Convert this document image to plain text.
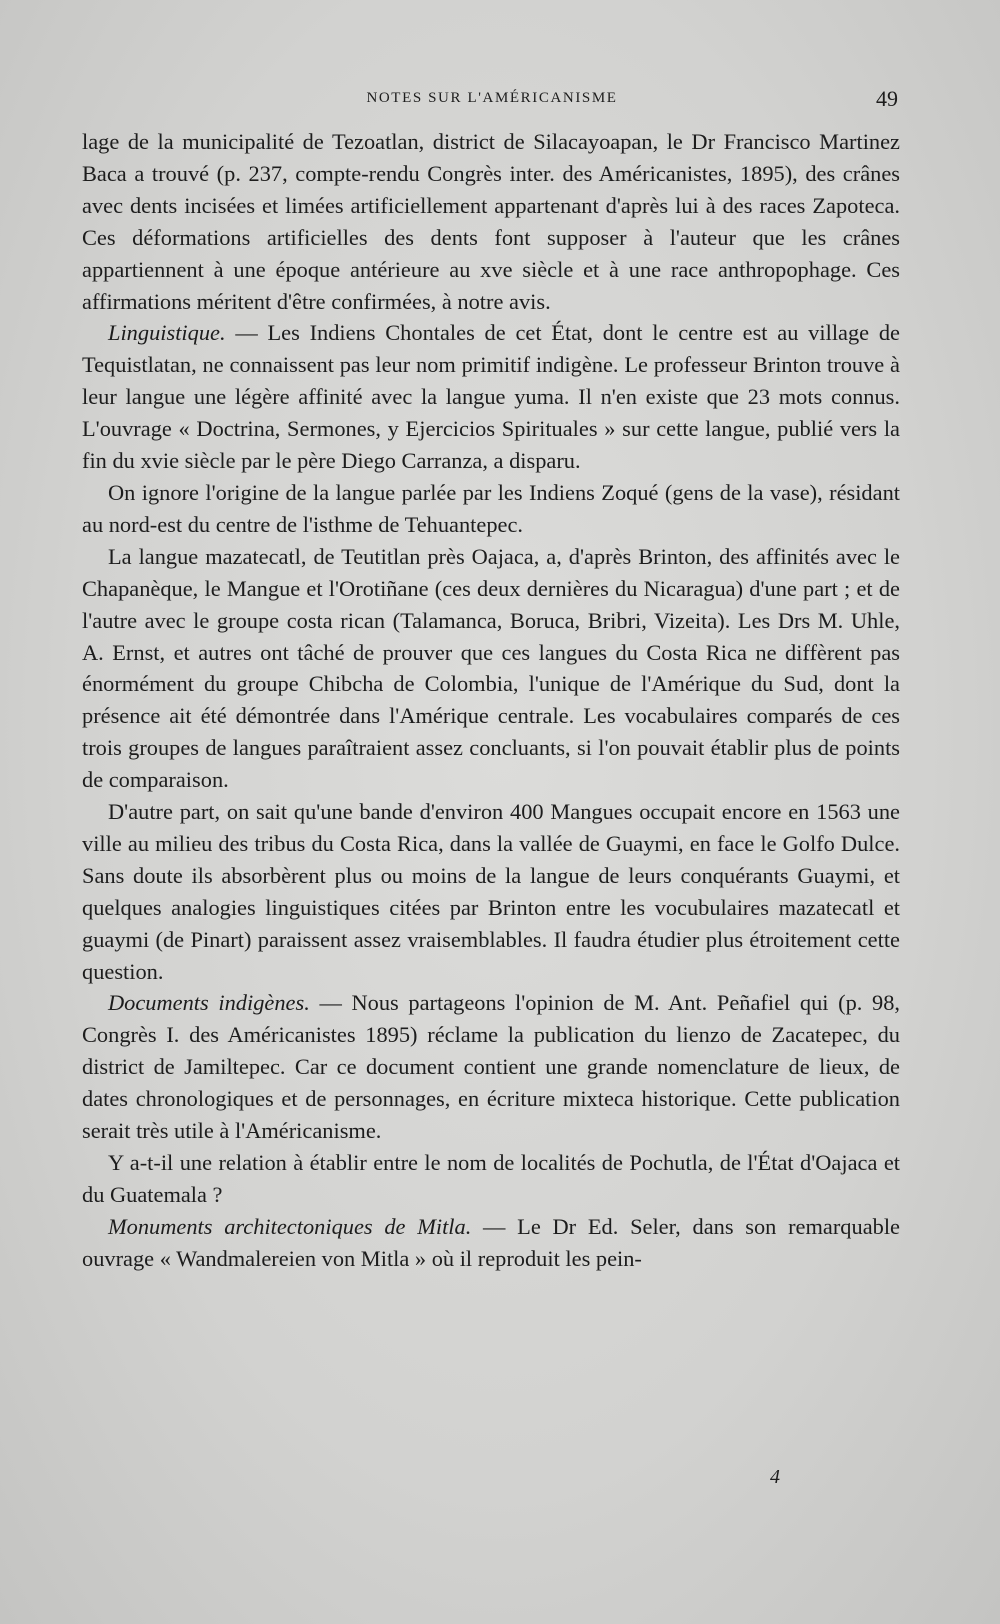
NOTES SUR L'AMÉRICANISME	49

lage de la municipalité de Tezoatlan, district de Silacayoapan, le Dr Francisco Martinez Baca a trouvé (p. 237, compte-rendu Congrès inter. des Américanistes, 1895), des crânes avec dents incisées et limées artificiellement appartenant d'après lui à des races Zapoteca. Ces déformations artificielles des dents font supposer à l'auteur que les crânes appartiennent à une époque antérieure au xve siècle et à une race anthropophage. Ces affirmations méritent d'être confirmées, à notre avis.

Linguistique. — Les Indiens Chontales de cet État, dont le centre est au village de Tequistlatan, ne connaissent pas leur nom primitif indigène. Le professeur Brinton trouve à leur langue une légère affinité avec la langue yuma. Il n'en existe que 23 mots connus. L'ouvrage « Doctrina, Sermones, y Ejercicios Spirituales » sur cette langue, publié vers la fin du xvie siècle par le père Diego Carranza, a disparu.

On ignore l'origine de la langue parlée par les Indiens Zoqué (gens de la vase), résidant au nord-est du centre de l'isthme de Tehuantepec.

La langue mazatecatl, de Teutitlan près Oajaca, a, d'après Brinton, des affinités avec le Chapanèque, le Mangue et l'Orotiñane (ces deux dernières du Nicaragua) d'une part ; et de l'autre avec le groupe costa rican (Talamanca, Boruca, Bribri, Vizeita). Les Drs M. Uhle, A. Ernst, et autres ont tâché de prouver que ces langues du Costa Rica ne diffèrent pas énormément du groupe Chibcha de Colombia, l'unique de l'Amérique du Sud, dont la présence ait été démontrée dans l'Amérique centrale. Les vocabulaires comparés de ces trois groupes de langues paraîtraient assez concluants, si l'on pouvait établir plus de points de comparaison.

D'autre part, on sait qu'une bande d'environ 400 Mangues occupait encore en 1563 une ville au milieu des tribus du Costa Rica, dans la vallée de Guaymi, en face le Golfo Dulce. Sans doute ils absorbèrent plus ou moins de la langue de leurs conquérants Guaymi, et quelques analogies linguistiques citées par Brinton entre les vocubulaires mazatecatl et guaymi (de Pinart) paraissent assez vraisemblables. Il faudra étudier plus étroitement cette question.

Documents indigènes. — Nous partageons l'opinion de M. Ant. Peñafiel qui (p. 98, Congrès I. des Américanistes 1895) réclame la publication du lienzo de Zacatepec, du district de Jamiltepec. Car ce document contient une grande nomenclature de lieux, de dates chronologiques et de personnages, en écriture mixteca historique. Cette publication serait très utile à l'Américanisme.

Y a-t-il une relation à établir entre le nom de localités de Pochutla, de l'État d'Oajaca et du Guatemala ?

Monuments architectoniques de Mitla. — Le Dr Ed. Seler, dans son remarquable ouvrage « Wandmalereien von Mitla » où il reproduit les pein-

4
